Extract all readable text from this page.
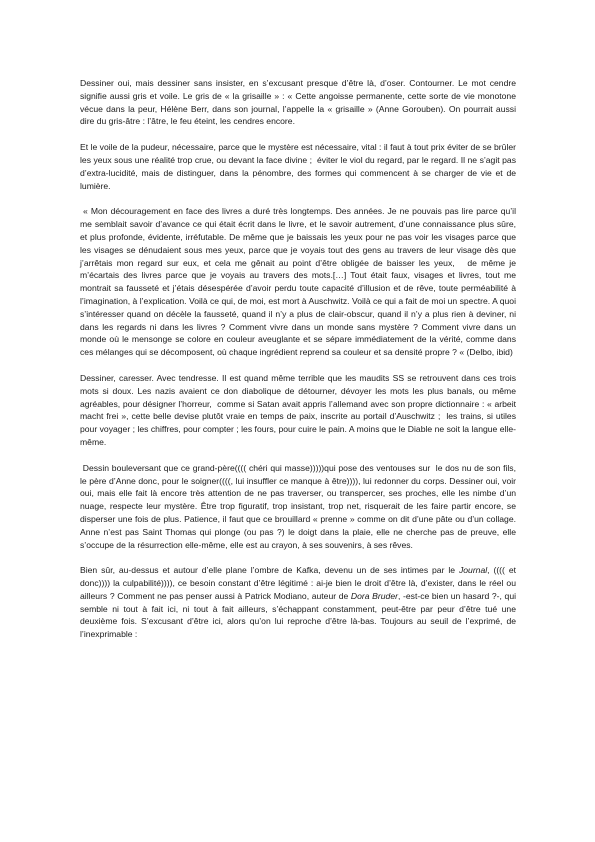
Dessiner oui, mais dessiner sans insister, en s’excusant presque d’être là, d’oser. Contourner. Le mot cendre signifie aussi gris et voile. Le gris de « la grisaille » : « Cette angoisse permanente, cette sorte de vie monotone vécue dans la peur, Hélène Berr, dans son journal, l’appelle la « grisaille » (Anne Gorouben). On pourrait aussi dire du gris-âtre : l’âtre, le feu éteint, les cendres encore.

Et le voile de la pudeur, nécessaire, parce que le mystère est nécessaire, vital : il faut à tout prix éviter de se brûler les yeux sous une réalité trop crue, ou devant la face divine ;  éviter le viol du regard, par le regard. Il ne s’agit pas d’extra-lucidité, mais de distinguer, dans la pénombre, des formes qui commencent à se charger de vie et de lumière.

« Mon découragement en face des livres a duré très longtemps. Des années. Je ne pouvais pas lire parce qu’il me semblait savoir d’avance ce qui était écrit dans le livre, et le savoir autrement, d’une connaissance plus sûre, et plus profonde, évidente, irréfutable. De même que je baissais les yeux pour ne pas voir les visages parce que les visages se dénudaient sous mes yeux, parce que je voyais tout des gens au travers de leur visage dès que j’arrêtais mon regard sur eux, et cela me gênait au point d’être obligée de baisser les yeux,   de même je m’écartais des livres parce que je voyais au travers des mots.[…] Tout était faux, visages et livres, tout me montrait sa fausseté et j’étais désespérée d’avoir perdu toute capacité d’illusion et de rêve, toute perméabilité à l’imagination, à l’explication. Voilà ce qui, de moi, est mort à Auschwitz. Voilà ce qui a fait de moi un spectre. A quoi s’intéresser quand on décèle la fausseté, quand il n’y a plus de clair-obscur, quand il n’y a plus rien à deviner, ni dans les regards ni dans les livres ? Comment vivre dans un monde sans mystère ? Comment vivre dans un monde où le mensonge se colore en couleur aveuglante et se sépare immédiatement de la vérité, comme dans ces mélanges qui se décomposent, où chaque ingrédient reprend sa couleur et sa densité propre ? « (Delbo, ibid)

Dessiner, caresser. Avec tendresse. Il est quand même terrible que les maudits SS se retrouvent dans ces trois mots si doux. Les nazis avaient ce don diabolique de détourner, dévoyer les mots les plus banals, ou même agréables, pour désigner l’horreur,  comme si Satan avait appris l’allemand avec son propre dictionnaire : « arbeit macht frei », cette belle devise plutôt vraie en temps de paix, inscrite au portail d’Auschwitz ;  les trains, si utiles pour voyager ; les chiffres, pour compter ; les fours, pour cuire le pain. A moins que le Diable ne soit la langue elle-même.

Dessin bouleversant que ce grand-père(((( chéri qui masse)))))qui pose des ventouses sur  le dos nu de son fils, le père d’Anne donc, pour le soigner((((, lui insuffler ce manque à être)))), lui redonner du corps. Dessiner oui, voir oui, mais elle fait là encore très attention de ne pas traverser, ou transpercer, ses proches, elle les nimbe d’un nuage, respecte leur mystère. Être trop figuratif, trop insistant, trop net, risquerait de les faire partir encore, se disperser une fois de plus. Patience, il faut que ce brouillard « prenne » comme on dit d’une pâte ou d’un collage. Anne n’est pas Saint Thomas qui plonge (ou pas ?) le doigt dans la plaie, elle ne cherche pas de preuve, elle s’occupe de la résurrection elle-même, elle est au crayon, à ses souvenirs, à ses rêves.

Bien sûr, au-dessus et autour d’elle plane l’ombre de Kafka, devenu un de ses intimes par le Journal, (((( et donc)))) la culpabilité)))), ce besoin constant d’être légitimé : ai-je bien le droit d’être là, d’exister, dans le réel ou ailleurs ? Comment ne pas penser aussi à Patrick Modiano, auteur de Dora Bruder, -est-ce bien un hasard ?-, qui semble ni tout à fait ici, ni tout à fait ailleurs, s’échappant constamment, peut-être par peur d’être tué une deuxième fois. S’excusant d’être ici, alors qu’on lui reproche d’être là-bas. Toujours au seuil de l’exprimé, de l’inexprimable :
